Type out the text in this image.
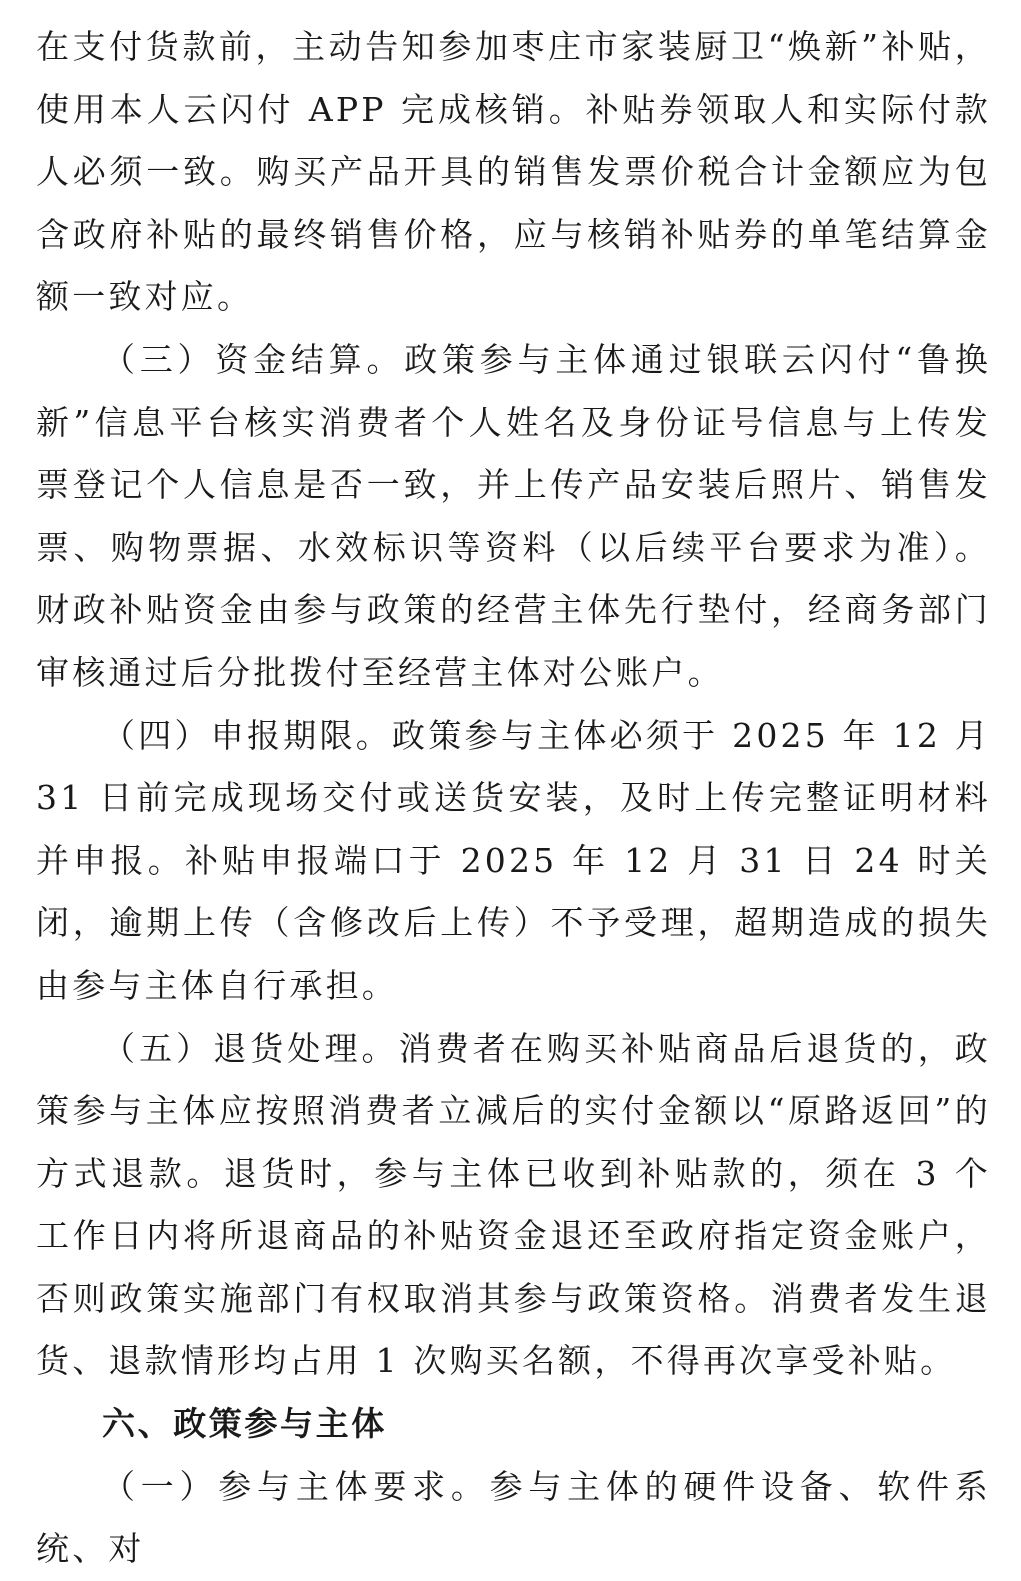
在支付货款前，主动告知参加枣庄市家装厨卫“焕新”补贴，使用本人云闪付 APP 完成核销。补贴券领取人和实际付款人必须一致。购买产品开具的销售发票价税合计金额应为包含政府补贴的最终销售价格，应与核销补贴券的单笔结算金额一致对应。

（三）资金结算。政策参与主体通过银联云闪付“鲁换新”信息平台核实消费者个人姓名及身份证号信息与上传发票登记个人信息是否一致，并上传产品安装后照片、销售发票、购物票据、水效标识等资料（以后续平台要求为准）。财政补贴资金由参与政策的经营主体先行垫付，经商务部门审核通过后分批拨付至经营主体对公账户。

（四）申报期限。政策参与主体必须于 2025 年 12 月 31 日前完成现场交付或送货安装，及时上传完整证明材料并申报。补贴申报端口于 2025 年 12 月 31 日 24 时关闭，逾期上传（含修改后上传）不予受理，超期造成的损失由参与主体自行承担。

（五）退货处理。消费者在购买补贴商品后退货的，政策参与主体应按照消费者立减后的实付金额以“原路返回”的方式退款。退货时，参与主体已收到补贴款的，须在 3 个工作日内将所退商品的补贴资金退还至政府指定资金账户，否则政策实施部门有权取消其参与政策资格。消费者发生退货、退款情形均占用 1 次购买名额，不得再次享受补贴。

六、政策参与主体

（一）参与主体要求。参与主体的硬件设备、软件系统、对
